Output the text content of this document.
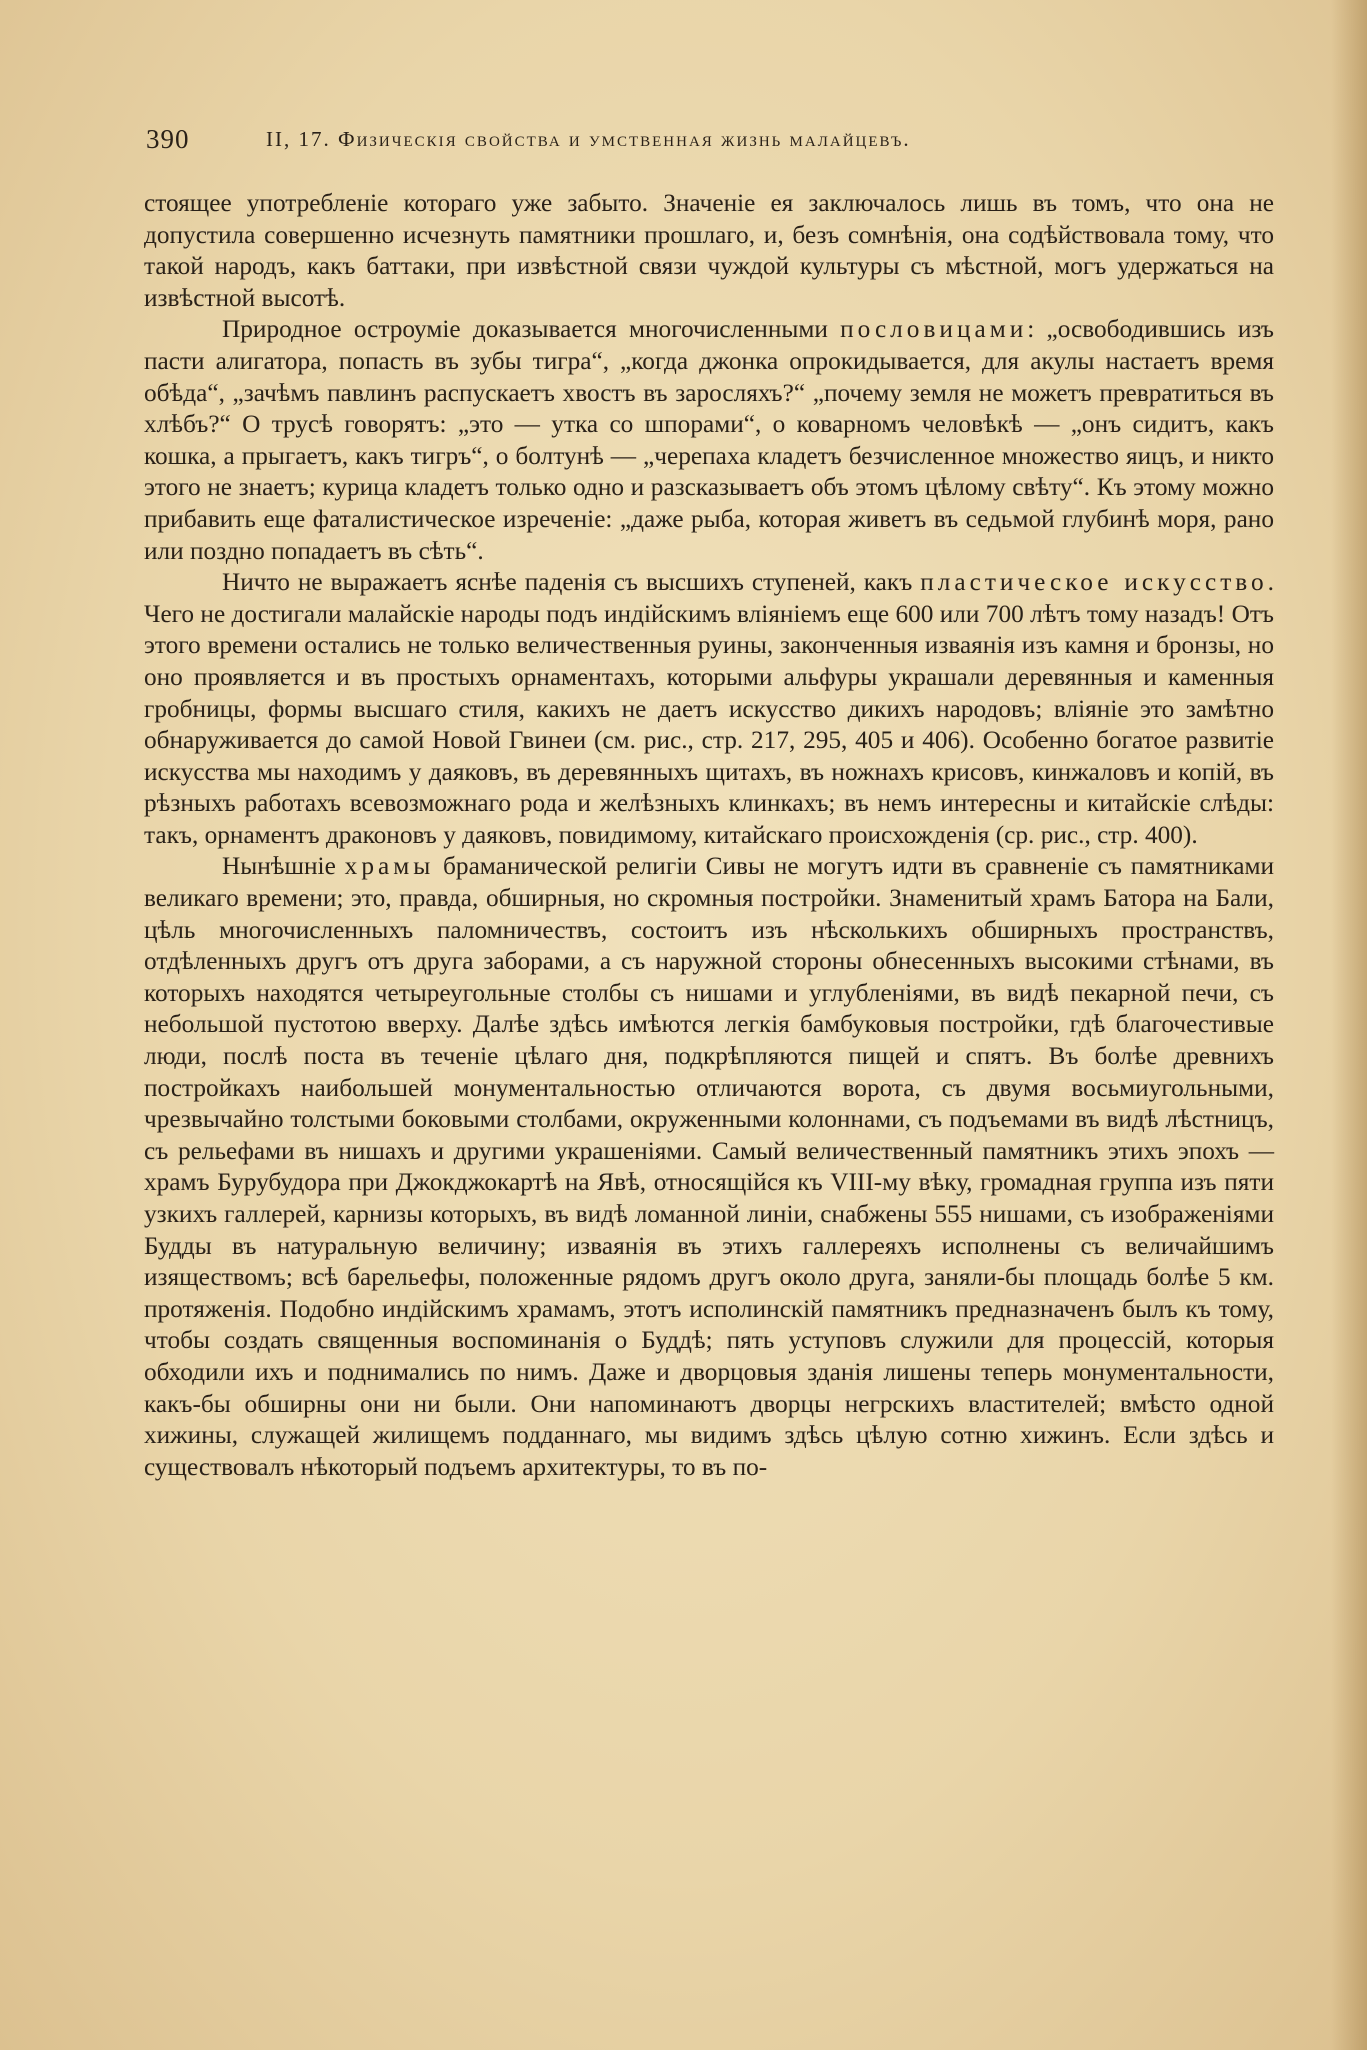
390	II, 17. Физическія свойства и умственная жизнь малайцевъ.

стоящее употребленіе котораго уже забыто. Значеніе ея заключалось лишь въ томъ, что она не допустила совершенно исчезнуть памятники прошлаго, и, безъ сомнѣнія, она содѣйствовала тому, что такой народъ, какъ баттаки, при извѣстной связи чуждой культуры съ мѣстной, могъ удержаться на извѣстной высотѣ.

Природное остроуміе доказывается многочисленными пословицами: „освободившись изъ пасти алигатора, попасть въ зубы тигра“, „когда джонка опрокидывается, для акулы настаетъ время обѣда“, „зачѣмъ павлинъ распускаетъ хвостъ въ заросляхъ?“ „почему земля не можетъ превратиться въ хлѣбъ?“ О трусѣ говорятъ: „это — утка со шпорами“, о коварномъ человѣкѣ — „онъ сидитъ, какъ кошка, а прыгаетъ, какъ тигръ“, о болтунѣ — „черепаха кладетъ безчисленное множество яицъ, и никто этого не знаетъ; курица кладетъ только одно и разсказываетъ объ этомъ цѣлому свѣту“. Къ этому можно прибавить еще фаталистическое изреченіе: „даже рыба, которая живетъ въ седьмой глубинѣ моря, рано или поздно попадаетъ въ сѣть“.

Ничто не выражаетъ яснѣе паденія съ высшихъ ступеней, какъ пластическое искусство. Чего не достигали малайскіе народы подъ индійскимъ вліяніемъ еще 600 или 700 лѣтъ тому назадъ! Отъ этого времени остались не только величественныя руины, законченныя изваянія изъ камня и бронзы, но оно проявляется и въ простыхъ орнаментахъ, которыми альфуры украшали деревянныя и каменныя гробницы, формы высшаго стиля, какихъ не даетъ искусство дикихъ народовъ; вліяніе это замѣтно обнаруживается до самой Новой Гвинеи (см. рис., стр. 217, 295, 405 и 406). Особенно богатое развитіе искусства мы находимъ у даяковъ, въ деревянныхъ щитахъ, въ ножнахъ крисовъ, кинжаловъ и копій, въ рѣзныхъ работахъ всевозможнаго рода и желѣзныхъ клинкахъ; въ немъ интересны и китайскіе слѣды: такъ, орнаментъ драконовъ у даяковъ, повидимому, китайскаго происхожденія (ср. рис., стр. 400).

Нынѣшніе храмы браманической религіи Сивы не могутъ идти въ сравненіе съ памятниками великаго времени; это, правда, обширныя, но скромныя постройки. Знаменитый храмъ Батора на Бали, цѣль многочисленныхъ паломничествъ, состоитъ изъ нѣсколькихъ обширныхъ пространствъ, отдѣленныхъ другъ отъ друга заборами, а съ наружной стороны обнесенныхъ высокими стѣнами, въ которыхъ находятся четыреугольные столбы съ нишами и углубленіями, въ видѣ пекарной печи, съ небольшой пустотою вверху. Далѣе здѣсь имѣются легкія бамбуковыя постройки, гдѣ благочестивые люди, послѣ поста въ теченіе цѣлаго дня, подкрѣпляются пищей и спятъ. Въ болѣе древнихъ постройкахъ наибольшей монументальностью отличаются ворота, съ двумя восьмиугольными, чрезвычайно толстыми боковыми столбами, окруженными колоннами, съ подъемами въ видѣ лѣстницъ, съ рельефами въ нишахъ и другими украшеніями. Самый величественный памятникъ этихъ эпохъ — храмъ Бурубудора при Джокджокартѣ на Явѣ, относящійся къ VIII-му вѣку, громадная группа изъ пяти узкихъ галлерей, карнизы которыхъ, въ видѣ ломанной линіи, снабжены 555 нишами, съ изображеніями Будды въ натуральную величину; изваянія въ этихъ галлереяхъ исполнены съ величайшимъ изяществомъ; всѣ барельефы, положенные рядомъ другъ около друга, заняли-бы площадь болѣе 5 км. протяженія. Подобно индійскимъ храмамъ, этотъ исполинскій памятникъ предназначенъ былъ къ тому, чтобы создать священныя воспоминанія о Буддѣ; пять уступовъ служили для процессій, которыя обходили ихъ и поднимались по нимъ. Даже и дворцовыя зданія лишены теперь монументальности, какъ-бы обширны они ни были. Они напоминаютъ дворцы негрскихъ властителей; вмѣсто одной хижины, служащей жилищемъ подданнаго, мы видимъ здѣсь цѣлую сотню хижинъ. Если здѣсь и существовалъ нѣкоторый подъемъ архитектуры, то въ по-
